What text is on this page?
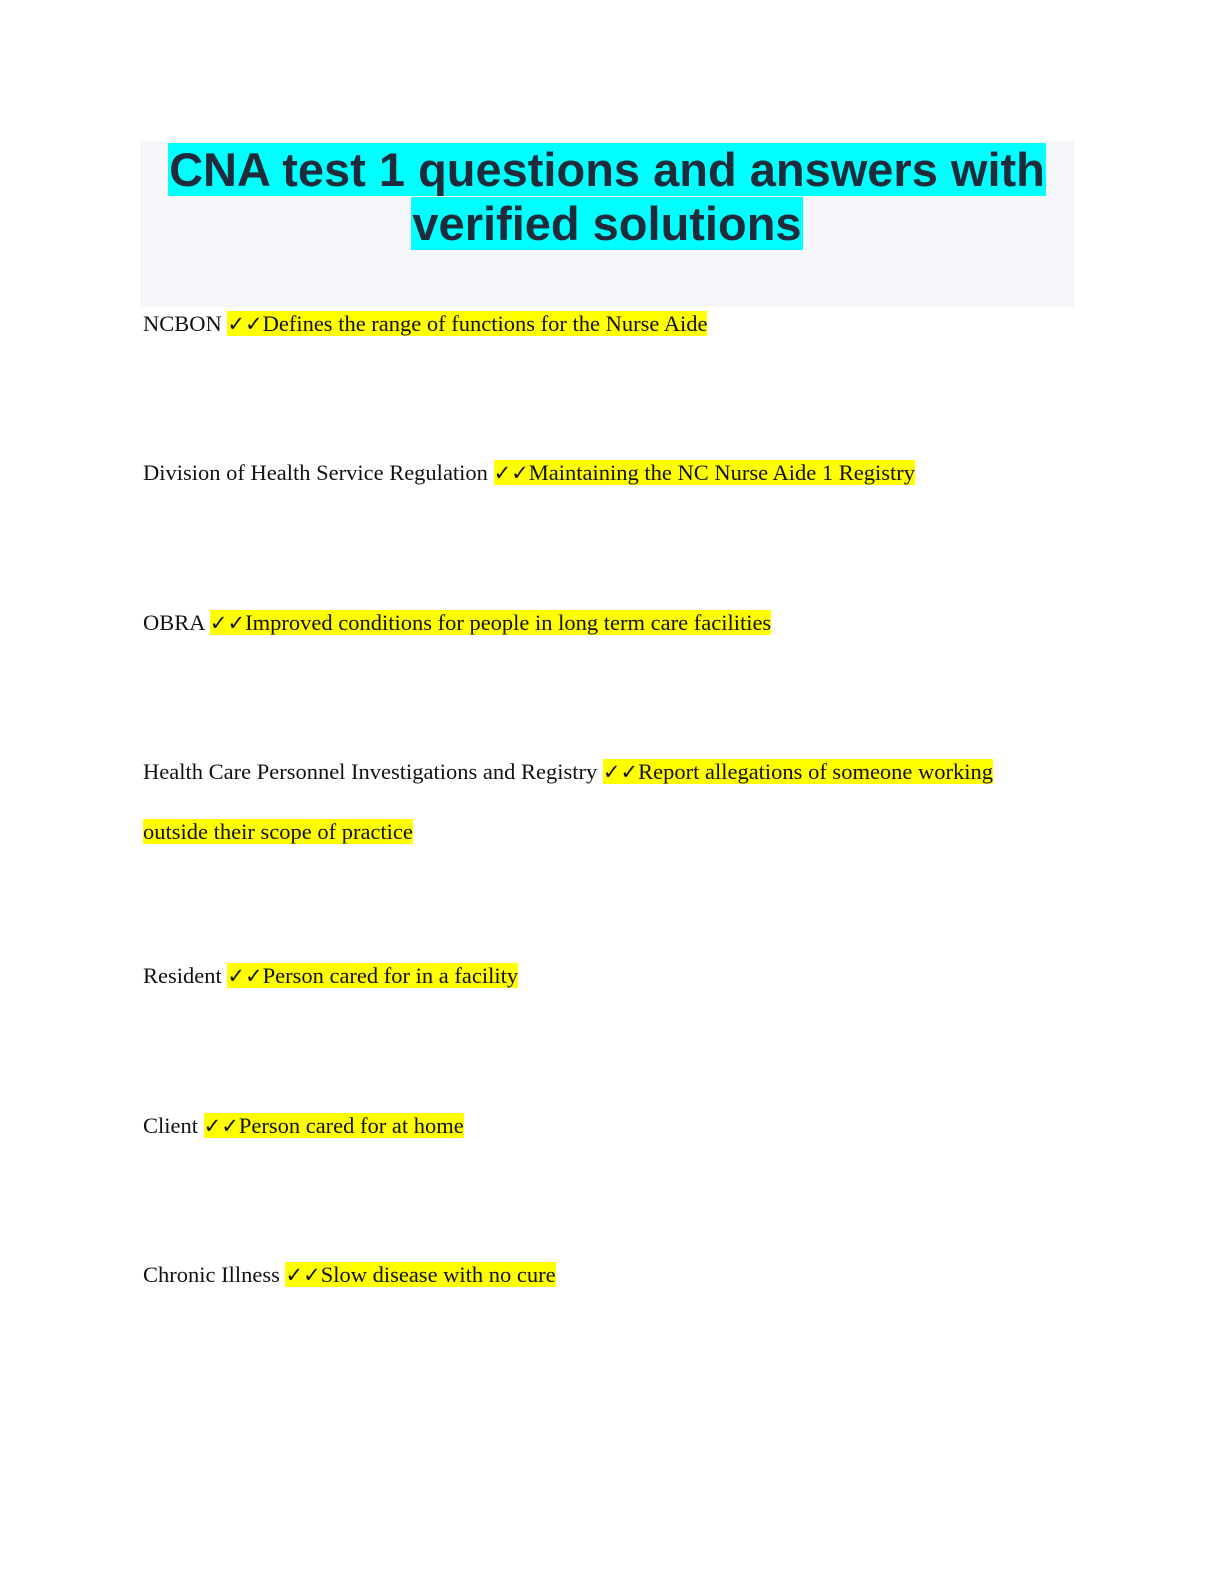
CNA test 1 questions and answers with
verified solutions

NCBON ✓✓Defines the range of functions for the Nurse Aide

Division of Health Service Regulation ✓✓Maintaining the NC Nurse Aide 1 Registry

OBRA ✓✓Improved conditions for people in long term care facilities

Health Care Personnel Investigations and Registry ✓✓Report allegations of someone working
outside their scope of practice

Resident ✓✓Person cared for in a facility

Client ✓✓Person cared for at home

Chronic Illness ✓✓Slow disease with no cure
